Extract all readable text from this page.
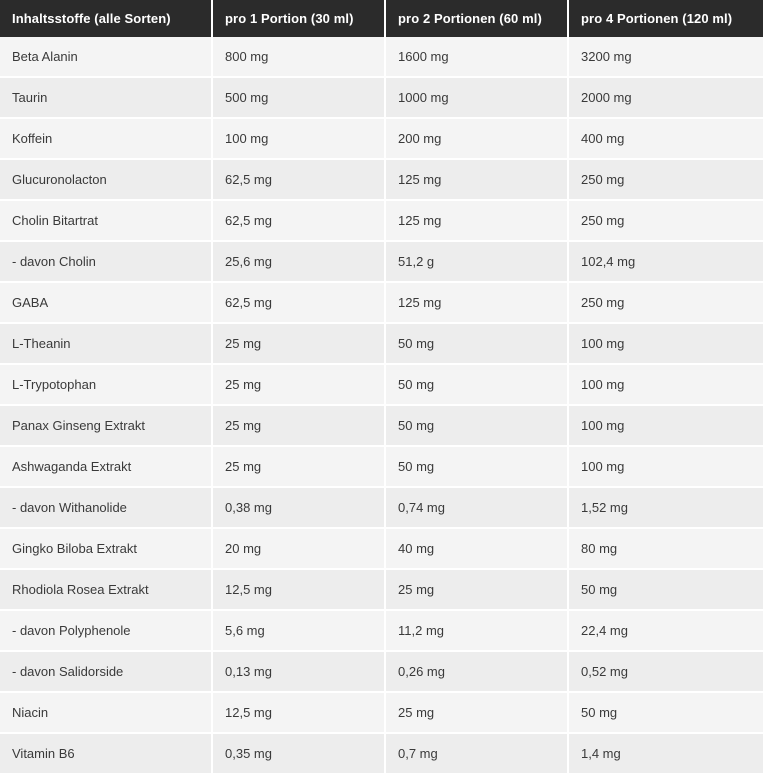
Inhaltsstoffe (alle Sorten)	pro 1 Portion (30 ml)	pro 2 Portionen (60 ml)	pro 4 Portionen (120 ml)
Beta Alanin	800 mg	1600 mg	3200 mg
Taurin	500 mg	1000 mg	2000 mg
Koffein	100 mg	200 mg	400 mg
Glucuronolacton	62,5 mg	125 mg	250 mg
Cholin Bitartrat	62,5 mg	125 mg	250 mg
- davon Cholin	25,6 mg	51,2 g	102,4 mg
GABA	62,5 mg	125 mg	250 mg
L-Theanin	25 mg	50 mg	100 mg
L-Trypotophan	25 mg	50 mg	100 mg
Panax Ginseng Extrakt	25 mg	50 mg	100 mg
Ashwaganda Extrakt	25 mg	50 mg	100 mg
- davon Withanolide	0,38 mg	0,74 mg	1,52 mg
Gingko Biloba Extrakt	20 mg	40 mg	80 mg
Rhodiola Rosea Extrakt	12,5 mg	25 mg	50 mg
- davon Polyphenole	5,6 mg	11,2 mg	22,4 mg
- davon Salidorside	0,13 mg	0,26 mg	0,52 mg
Niacin	12,5 mg	25 mg	50 mg
Vitamin B6	0,35 mg	0,7 mg	1,4 mg
